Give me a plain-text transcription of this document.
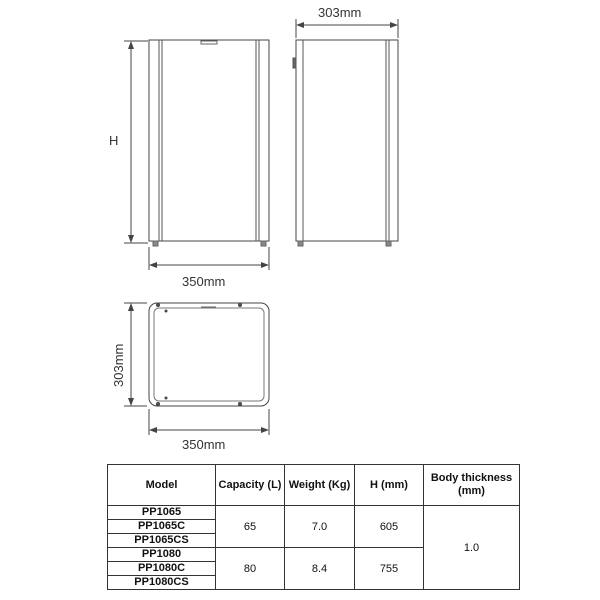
H
350mm
303mm
303mm
350mm
Model	Capacity (L)	Weight (Kg)	H (mm)	Body thickness (mm)
PP1065	65	7.0	605	1.0
PP1065C				
PP1065CS				
PP1080	80	8.4	755	
PP1080C				
PP1080CS				
